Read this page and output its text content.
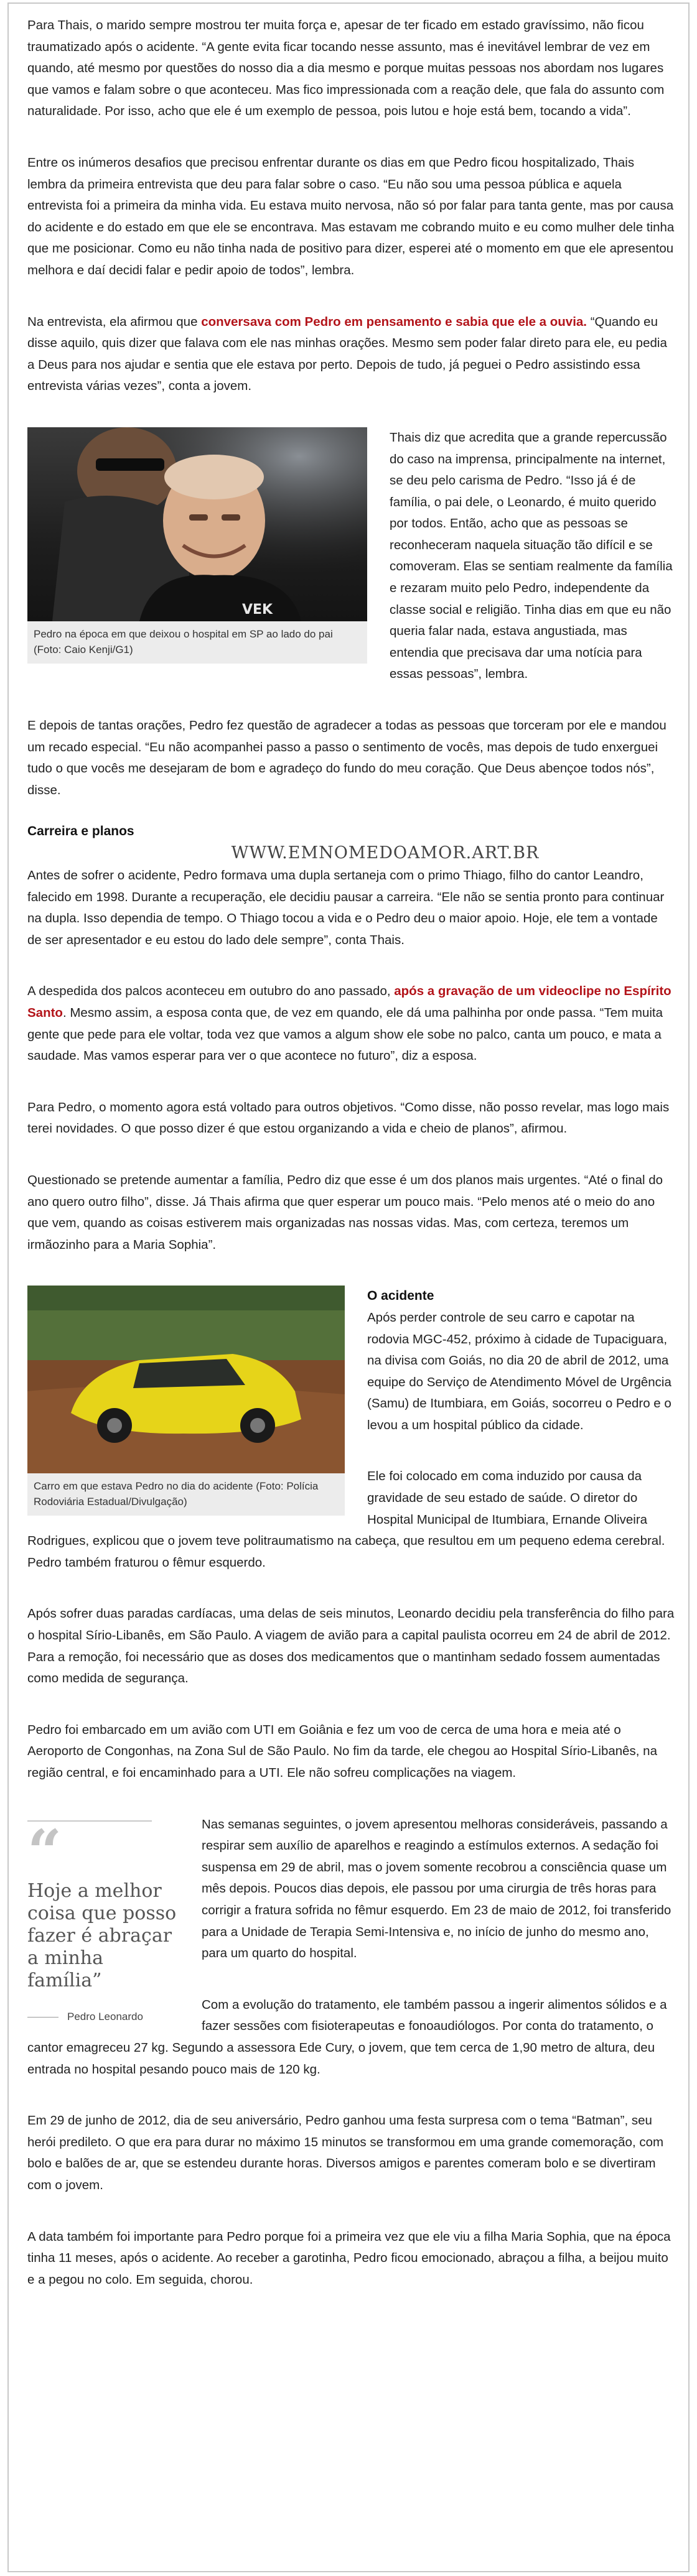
Para Thais, o marido sempre mostrou ter muita força e, apesar de ter ficado em estado gravíssimo, não ficou traumatizado após o acidente. “A gente evita ficar tocando nesse assunto, mas é inevitável lembrar de vez em quando, até mesmo por questões do nosso dia a dia mesmo e porque muitas pessoas nos abordam nos lugares que vamos e falam sobre o que aconteceu. Mas fico impressionada com a reação dele, que fala do assunto com naturalidade. Por isso, acho que ele é um exemplo de pessoa, pois lutou e hoje está bem, tocando a vida”.

Entre os inúmeros desafios que precisou enfrentar durante os dias em que Pedro ficou hospitalizado, Thais lembra da primeira entrevista que deu para falar sobre o caso. “Eu não sou uma pessoa pública e aquela entrevista foi a primeira da minha vida. Eu estava muito nervosa, não só por falar para tanta gente, mas por causa do acidente e do estado em que ele se encontrava. Mas estavam me cobrando muito e eu como mulher dele tinha que me posicionar. Como eu não tinha nada de positivo para dizer, esperei até o momento em que ele apresentou melhora e daí decidi falar e pedir apoio de todos”, lembra.

Na entrevista, ela afirmou que conversava com Pedro em pensamento e sabia que ele a ouvia. “Quando eu disse aquilo, quis dizer que falava com ele nas minhas orações. Mesmo sem poder falar direto para ele, eu pedia a Deus para nos ajudar e sentia que ele estava por perto. Depois de tudo, já peguei o Pedro assistindo essa entrevista várias vezes”, conta a jovem.

VEK
Pedro na época em que deixou o hospital em SP ao lado do pai (Foto: Caio Kenji/G1)

Thais diz que acredita que a grande repercussão do caso na imprensa, principalmente na internet, se deu pelo carisma de Pedro. “Isso já é de família, o pai dele, o Leonardo, é muito querido por todos. Então, acho que as pessoas se reconheceram naquela situação tão difícil e se comoveram. Elas se sentiam realmente da família e rezaram muito pelo Pedro, independente da classe social e religião. Tinha dias em que eu não queria falar nada, estava angustiada, mas entendia que precisava dar uma notícia para essas pessoas”, lembra.

E depois de tantas orações, Pedro fez questão de agradecer a todas as pessoas que torceram por ele e mandou um recado especial. “Eu não acompanhei passo a passo o sentimento de vocês, mas depois de tudo enxerguei tudo o que vocês me desejaram de bom e agradeço do fundo do meu coração. Que Deus abençoe todos nós”, disse.

Carreira e planos
WWW.EMNOMEDOAMOR.ART.BR

Antes de sofrer o acidente, Pedro formava uma dupla sertaneja com o primo Thiago, filho do cantor Leandro, falecido em 1998. Durante a recuperação, ele decidiu pausar a carreira. “Ele não se sentia pronto para continuar na dupla. Isso dependia de tempo. O Thiago tocou a vida e o Pedro deu o maior apoio. Hoje, ele tem a vontade de ser apresentador e eu estou do lado dele sempre”, conta Thais.

A despedida dos palcos aconteceu em outubro do ano passado, após a gravação de um videoclipe no Espírito Santo. Mesmo assim, a esposa conta que, de vez em quando, ele dá uma palhinha por onde passa. “Tem muita gente que pede para ele voltar, toda vez que vamos a algum show ele sobe no palco, canta um pouco, e mata a saudade. Mas vamos esperar para ver o que acontece no futuro”, diz a esposa.

Para Pedro, o momento agora está voltado para outros objetivos. “Como disse, não posso revelar, mas logo mais terei novidades. O que posso dizer é que estou organizando a vida e cheio de planos”, afirmou.

Questionado se pretende aumentar a família, Pedro diz que esse é um dos planos mais urgentes. “Até o final do ano quero outro filho”, disse. Já Thais afirma que quer esperar um pouco mais. “Pelo menos até o meio do ano que vem, quando as coisas estiverem mais organizadas nas nossas vidas. Mas, com certeza, teremos um irmãozinho para a Maria Sophia”.

Carro em que estava Pedro no dia do acidente (Foto: Polícia Rodoviária Estadual/Divulgação)
O acidente

Após perder controle de seu carro e capotar na rodovia MGC-452, próximo à cidade de Tupaciguara, na divisa com Goiás, no dia 20 de abril de 2012, uma equipe do Serviço de Atendimento Móvel de Urgência (Samu) de Itumbiara, em Goiás, socorreu o Pedro e o levou a um hospital público da cidade.

Ele foi colocado em coma induzido por causa da gravidade de seu estado de saúde. O diretor do Hospital Municipal de Itumbiara, Ernande Oliveira Rodrigues, explicou que o jovem teve politraumatismo na cabeça, que resultou em um pequeno edema cerebral. Pedro também fraturou o fêmur esquerdo.

Após sofrer duas paradas cardíacas, uma delas de seis minutos, Leonardo decidiu pela transferência do filho para o hospital Sírio-Libanês, em São Paulo. A viagem de avião para a capital paulista ocorreu em 24 de abril de 2012. Para a remoção, foi necessário que as doses dos medicamentos que o mantinham sedado fossem aumentadas como medida de segurança.

Pedro foi embarcado em um avião com UTI em Goiânia e fez um voo de cerca de uma hora e meia até o Aeroporto de Congonhas, na Zona Sul de São Paulo. No fim da tarde, ele chegou ao Hospital Sírio-Libanês, na região central, e foi encaminhado para a UTI. Ele não sofreu complicações na viagem.

“
Hoje a melhor coisa que posso fazer é abraçar a minha família”
Pedro Leonardo

Nas semanas seguintes, o jovem apresentou melhoras consideráveis, passando a respirar sem auxílio de aparelhos e reagindo a estímulos externos. A sedação foi suspensa em 29 de abril, mas o jovem somente recobrou a consciência quase um mês depois. Poucos dias depois, ele passou por uma cirurgia de três horas para corrigir a fratura sofrida no fêmur esquerdo. Em 23 de maio de 2012, foi transferido para a Unidade de Terapia Semi-Intensiva e, no início de junho do mesmo ano, para um quarto do hospital.

Com a evolução do tratamento, ele também passou a ingerir alimentos sólidos e a fazer sessões com fisioterapeutas e fonoaudiólogos. Por conta do tratamento, o cantor emagreceu 27 kg. Segundo a assessora Ede Cury, o jovem, que tem cerca de 1,90 metro de altura, deu entrada no hospital pesando pouco mais de 120 kg.

Em 29 de junho de 2012, dia de seu aniversário, Pedro ganhou uma festa surpresa com o tema “Batman”, seu herói predileto. O que era para durar no máximo 15 minutos se transformou em uma grande comemoração, com bolo e balões de ar, que se estendeu durante horas. Diversos amigos e parentes comeram bolo e se divertiram com o jovem.

A data também foi importante para Pedro porque foi a primeira vez que ele viu a filha Maria Sophia, que na época tinha 11 meses, após o acidente. Ao receber a garotinha, Pedro ficou emocionado, abraçou a filha, a beijou muito e a pegou no colo. Em seguida, chorou.
